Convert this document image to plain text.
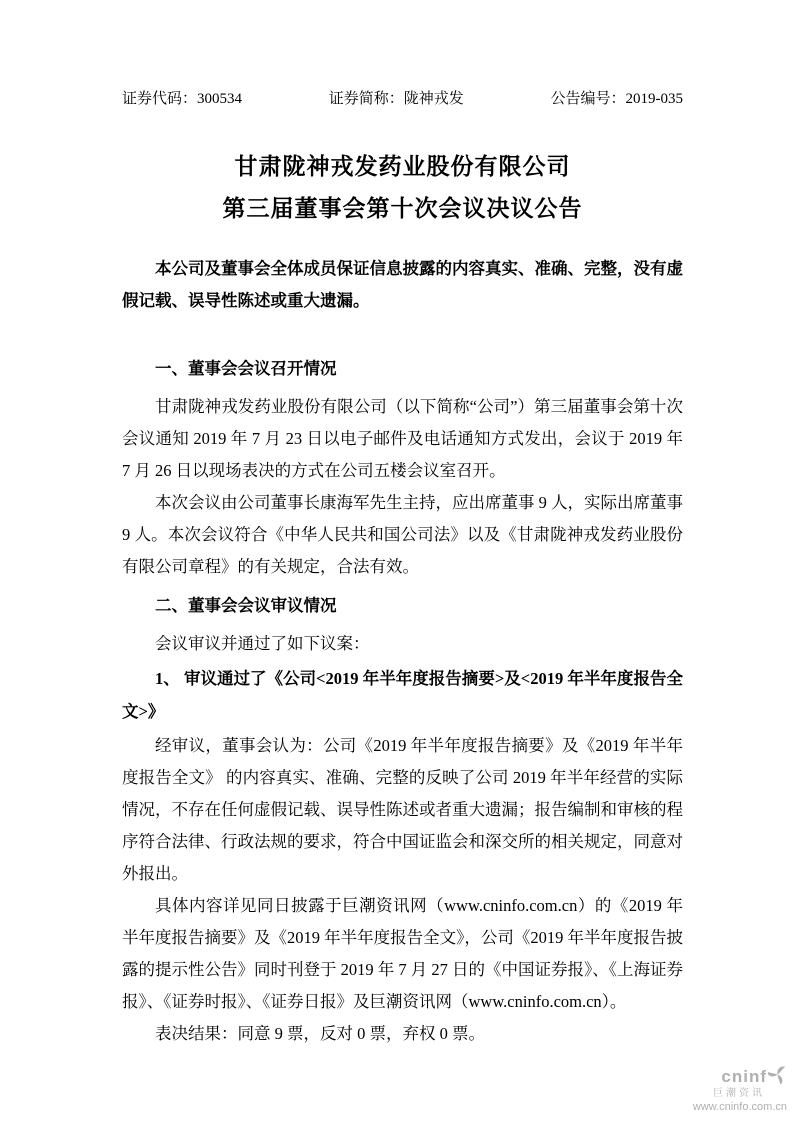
证券代码：300534	证券简称：陇神戎发	公告编号：2019-035
甘肃陇神戎发药业股份有限公司
第三届董事会第十次会议决议公告

本公司及董事会全体成员保证信息披露的内容真实、准确、完整，没有虚假记载、误导性陈述或重大遗漏。

一、董事会会议召开情况

甘肃陇神戎发药业股份有限公司（以下简称“公司”）第三届董事会第十次会议通知 2019 年 7 月 23 日以电子邮件及电话通知方式发出，会议于 2019 年 7 月 26 日以现场表决的方式在公司五楼会议室召开。

本次会议由公司董事长康海军先生主持，应出席董事 9 人，实际出席董事 9 人。本次会议符合《中华人民共和国公司法》以及《甘肃陇神戎发药业股份有限公司章程》的有关规定，合法有效。

二、董事会会议审议情况

会议审议并通过了如下议案：

1、 审议通过了《公司<2019 年半年度报告摘要>及<2019 年半年度报告全文>》

经审议，董事会认为：公司《2019 年半年度报告摘要》及《2019 年半年度报告全文》 的内容真实、准确、完整的反映了公司 2019 年半年经营的实际情况，不存在任何虚假记载、误导性陈述或者重大遗漏；报告编制和审核的程序符合法律、行政法规的要求，符合中国证监会和深交所的相关规定，同意对外报出。

具体内容详见同日披露于巨潮资讯网（www.cninfo.com.cn）的《2019 年半年度报告摘要》及《2019 年半年度报告全文》，公司《2019 年半年度报告披露的提示性公告》同时刊登于 2019 年 7 月 27 日的《中国证券报》、《上海证券报》、《证券时报》、《证券日报》及巨潮资讯网（www.cninfo.com.cn）。

表决结果：同意 9 票，反对 0 票，弃权 0 票。

cninf
巨潮资讯
www.cninfo.com.cn
